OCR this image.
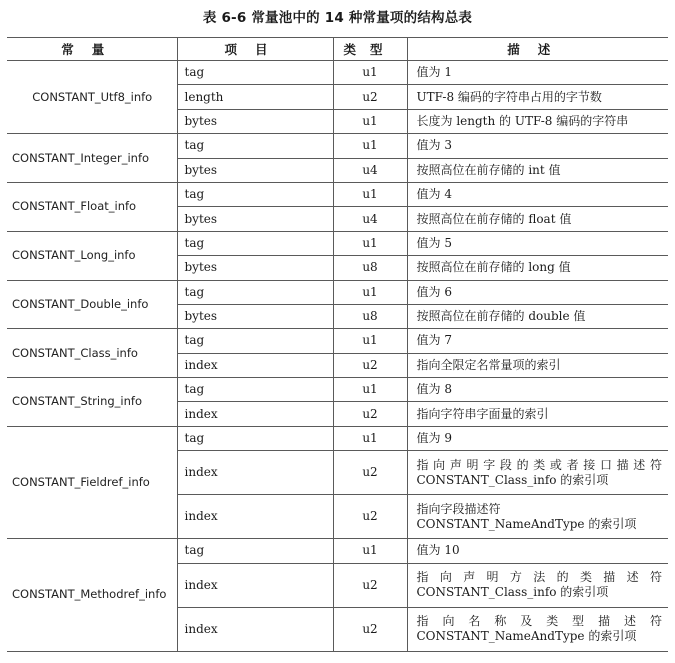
表 6-6 常量池中的 14 种常量项的结构总表
常量	项目	类型	描述

CONSTANT_Utf8_info	tag	u1	值为 1
	length	u2	UTF-8 编码的字符串占用的字节数
	bytes	u1	长度为 length 的 UTF-8 编码的字符串
CONSTANT_Integer_info	tag	u1	值为 3
	bytes	u4	按照高位在前存储的 int 值
CONSTANT_Float_info	tag	u1	值为 4
	bytes	u4	按照高位在前存储的 float 值
CONSTANT_Long_info	tag	u1	值为 5
	bytes	u8	按照高位在前存储的 long 值
CONSTANT_Double_info	tag	u1	值为 6
	bytes	u8	按照高位在前存储的 double 值
CONSTANT_Class_info	tag	u1	值为 7
	index	u2	指向全限定名常量项的索引
CONSTANT_String_info	tag	u1	值为 8
	index	u2	指向字符串字面量的索引
CONSTANT_Fieldref_info	tag	u1	值为 9
	index	u2	指向声明字段的类或者接口描述符 CONSTANT_Class_info 的索引项
	index	u2	指向字段描述符 CONSTANT_NameAndType 的索引项
CONSTANT_Methodref_info	tag	u1	值为 10
	index	u2	指向声明方法的类描述符 CONSTANT_Class_info 的索引项
	index	u2	指向名称及类型描述符 CONSTANT_NameAndType 的索引项
